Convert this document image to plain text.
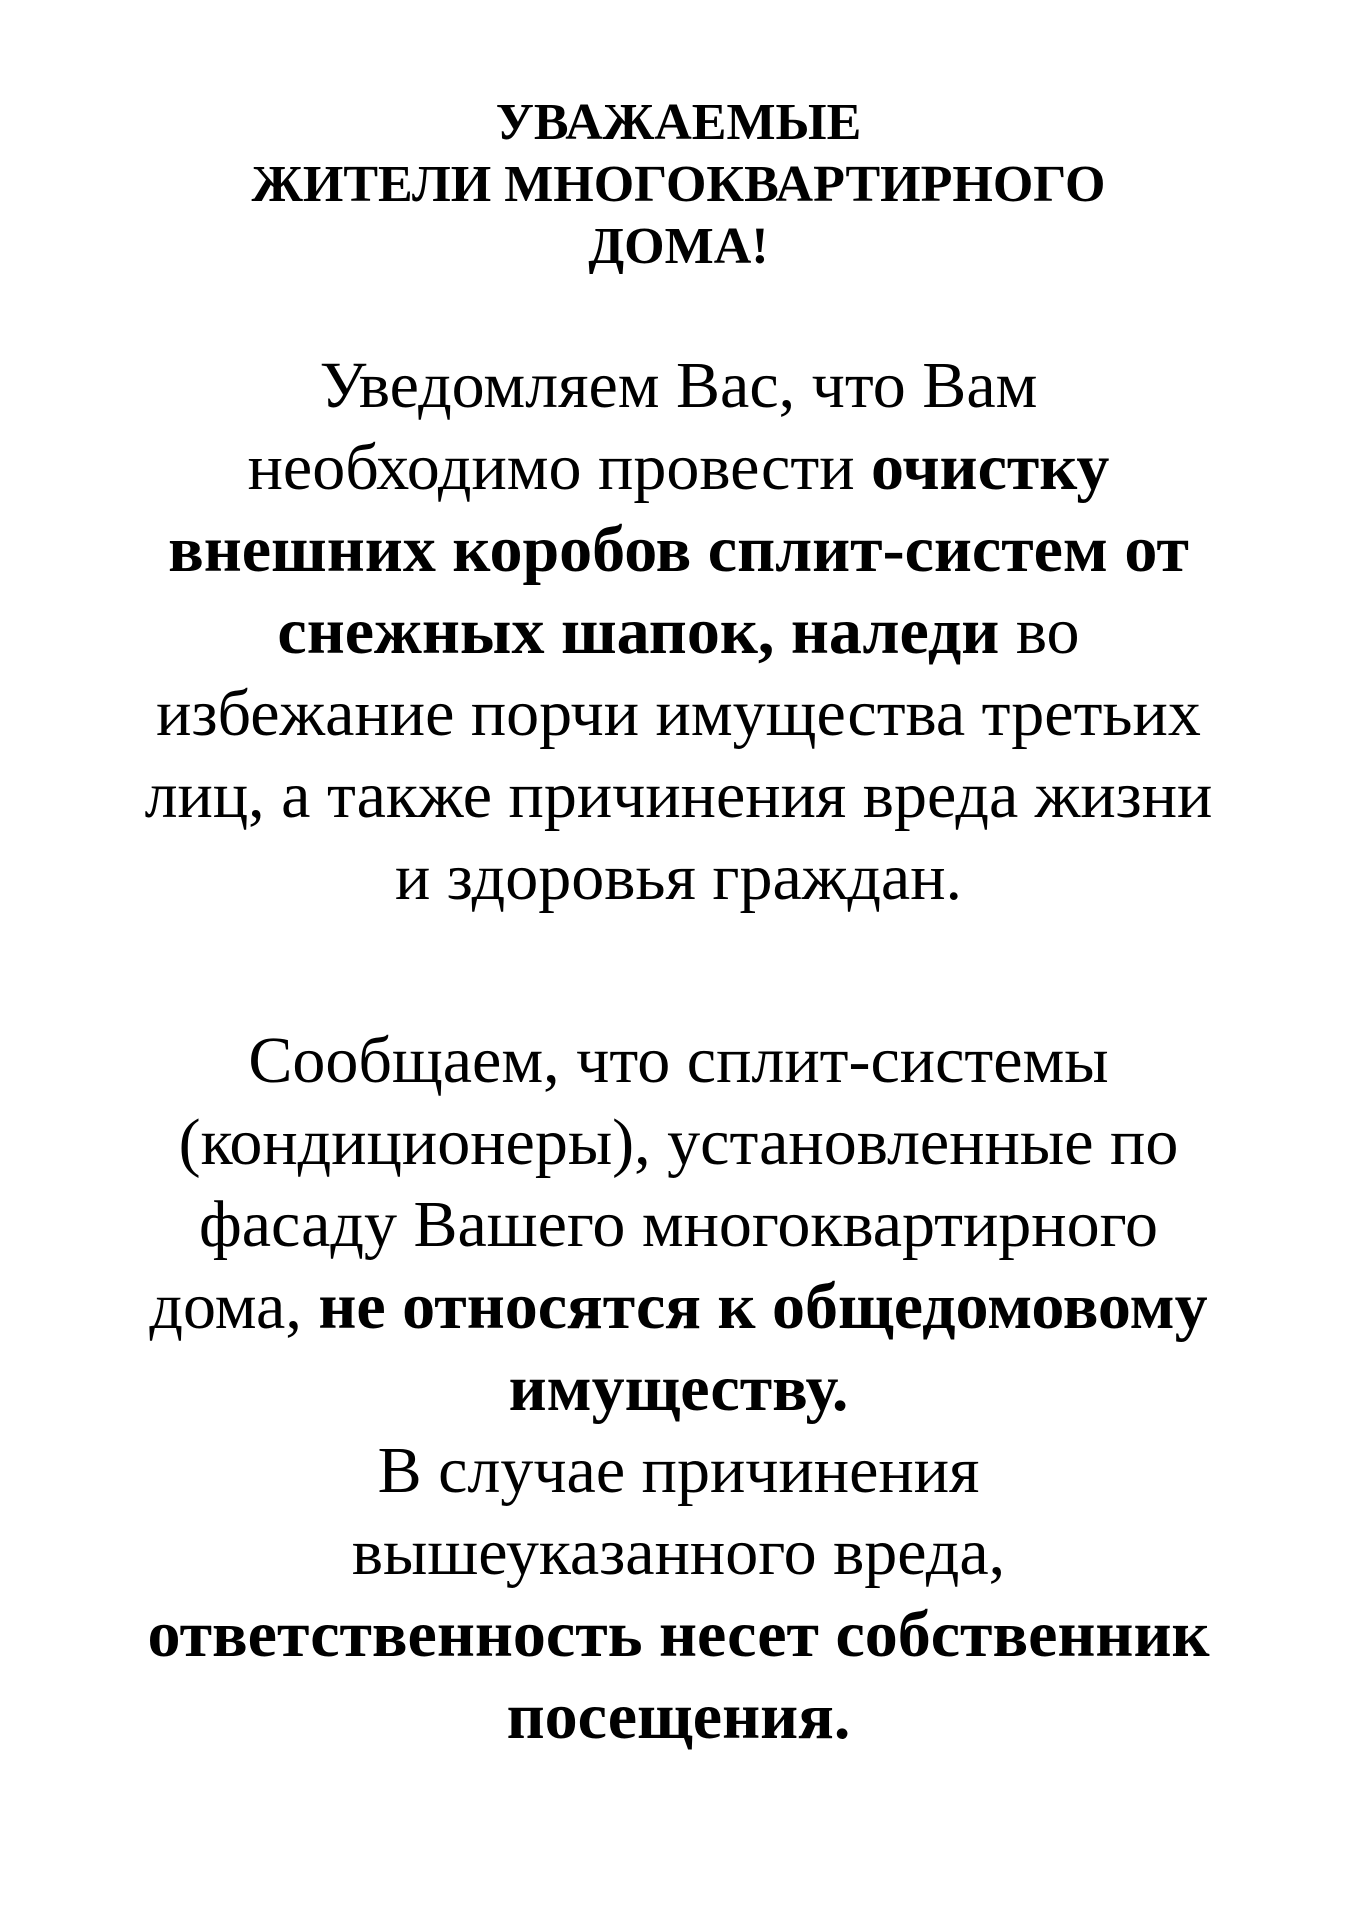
УВАЖАЕМЫЕ
ЖИТЕЛИ МНОГОКВАРТИРНОГО
ДОМА!
Уведомляем Вас, что Вам
необходимо провести очистку
внешних коробов сплит-систем от
снежных шапок, наледи во
избежание порчи имущества третьих
лиц, а также причинения вреда жизни
и здоровья граждан.
Сообщаем, что сплит-системы
(кондиционеры), установленные по
фасаду Вашего многоквартирного
дома, не относятся к общедомовому
имуществу.
В случае причинения
вышеуказанного вреда,
ответственность несет собственник
посещения.
